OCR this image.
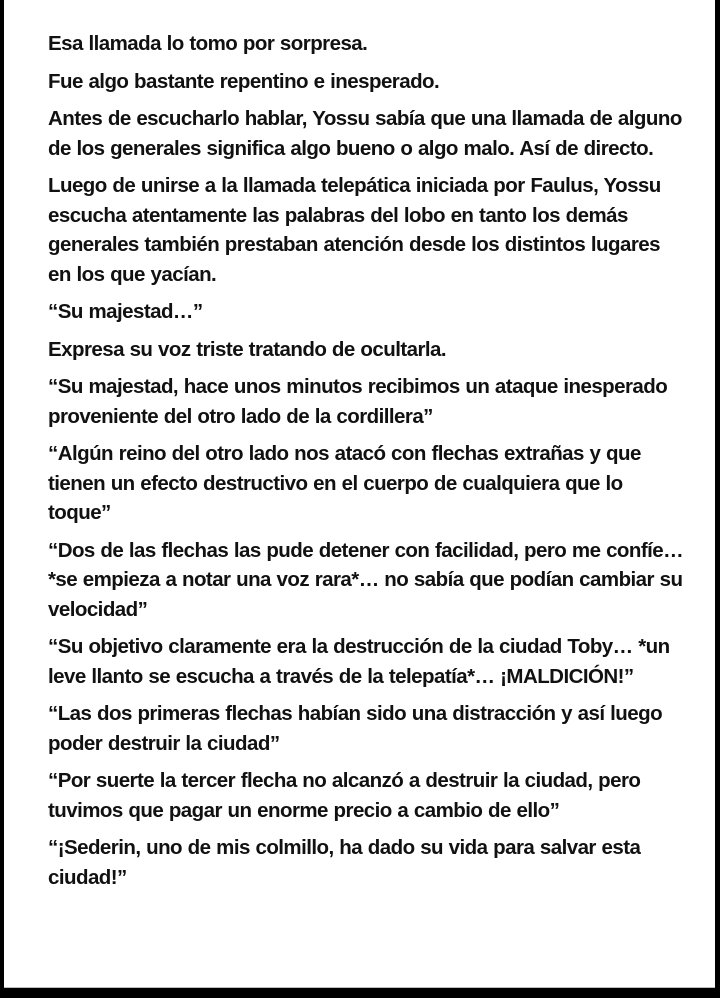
Esa llamada lo tomo por sorpresa.

Fue algo bastante repentino e inesperado.

Antes de escucharlo hablar, Yossu sabía que una llamada de alguno de los generales significa algo bueno o algo malo. Así de directo.

Luego de unirse a la llamada telepática iniciada por Faulus, Yossu escucha atentamente las palabras del lobo en tanto los demás generales también prestaban atención desde los distintos lugares en los que yacían.

“Su majestad…”

Expresa su voz triste tratando de ocultarla.

“Su majestad, hace unos minutos recibimos un ataque inesperado proveniente del otro lado de la cordillera”

“Algún reino del otro lado nos atacó con flechas extrañas y que tienen un efecto destructivo en el cuerpo de cualquiera que lo toque”

“Dos de las flechas las pude detener con facilidad, pero me confíe… *se empieza a notar una voz rara*… no sabía que podían cambiar su velocidad”

“Su objetivo claramente era la destrucción de la ciudad Toby… *un leve llanto se escucha a través de la telepatía*… ¡MALDICIÓN!”

“Las dos primeras flechas habían sido una distracción y así luego poder destruir la ciudad”

“Por suerte la tercer flecha no alcanzó a destruir la ciudad, pero tuvimos que pagar un enorme precio a cambio de ello”

“¡Sederin, uno de mis colmillo, ha dado su vida para salvar esta ciudad!”
